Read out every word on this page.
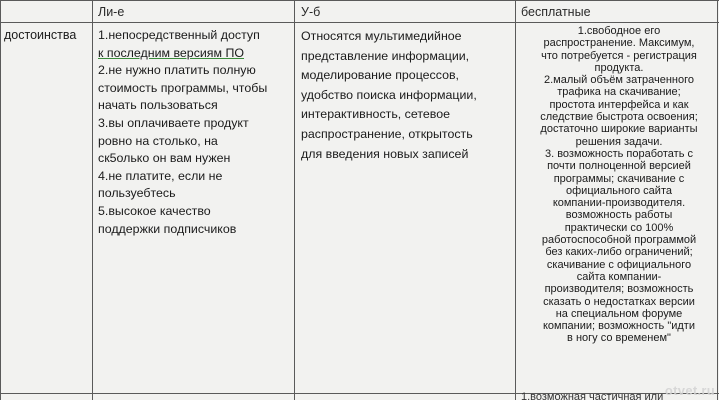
Ли-е	У-б	бесплатные
достоинства 1.непосредственный доступ
к последним версиям ПО
2.не нужно платить полную
стоимость программы, чтобы
начать пользоваться
3.вы оплачиваете продукт
ровно на столько, на
ск5олько он вам нужен
4.не платите, если не
пользуебтесь
5.высокое качество
поддержки подписчиков
Относятся мультимедийное
представление информации,
моделирование процессов,
удобство поиска информации,
интерактивность, сетевое
распространение, открытость
для введения новых записей
1.свободное его
распространение. Максимум,
что потребуется - регистрация
продукта.
2.малый объём затраченного
трафика на скачивание;
простота интерфейса и как
следствие быстрота освоения;
достаточно широкие варианты
решения задачи.
3. возможность поработать с
почти полноценной версией
программы; скачивание с
официального сайта
компании-производителя.
возможность работы
практически со 100%
работоспособной программой
без каких-либо ограничений;
скачивание с официального
сайта компании-
производителя; возможность
сказать о недостатках версии
на специальном форуме
компании; возможность "идти
в ногу со временем"
1.возможная частичная или otvet.ru
